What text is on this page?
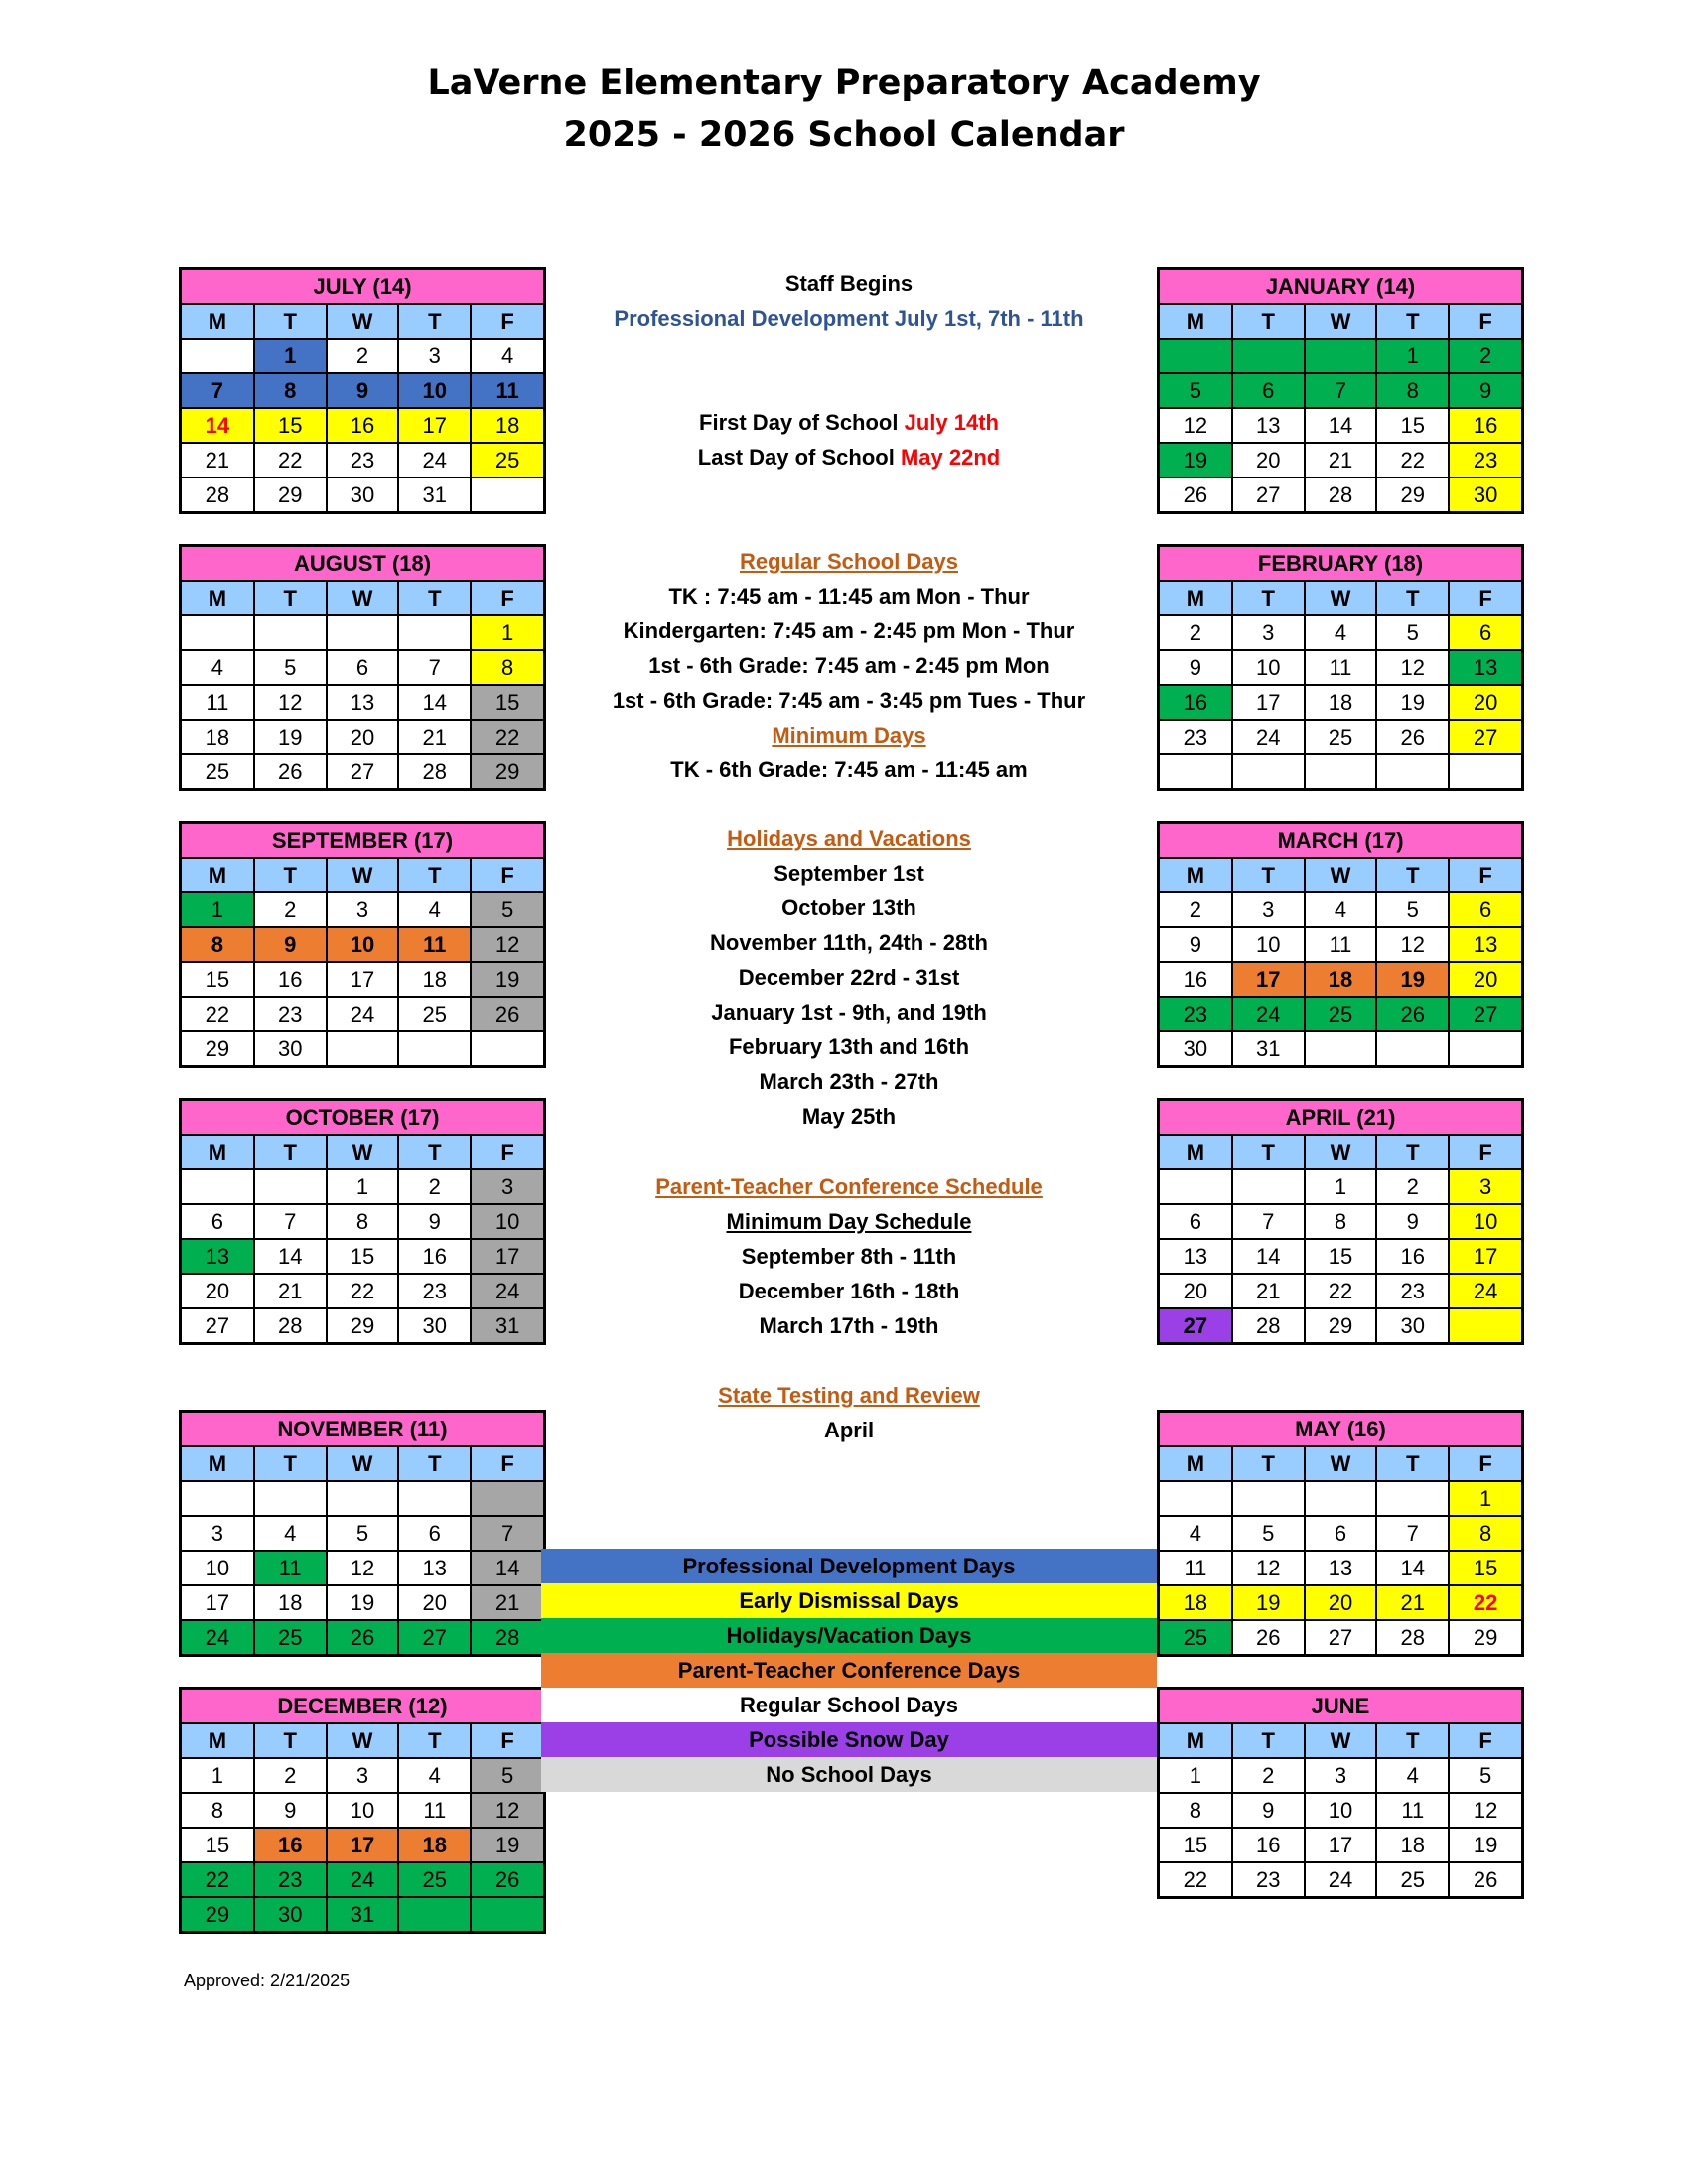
LaVerne Elementary Preparatory Academy
2025 - 2026 School Calendar
JULY (14)
M	T	W	T	F
	1	2	3	4
7	8	9	10	11
14	15	16	17	18
21	22	23	24	25
28	29	30	31	
AUGUST (18)
M	T	W	T	F
				1
4	5	6	7	8
11	12	13	14	15
18	19	20	21	22
25	26	27	28	29
SEPTEMBER (17)
M	T	W	T	F
1	2	3	4	5
8	9	10	11	12
15	16	17	18	19
22	23	24	25	26
29	30			
OCTOBER (17)
M	T	W	T	F
		1	2	3
6	7	8	9	10
13	14	15	16	17
20	21	22	23	24
27	28	29	30	31
NOVEMBER (11)
M	T	W	T	F

3	4	5	6	7
10	11	12	13	14
17	18	19	20	21
24	25	26	27	28
DECEMBER (12)
M	T	W	T	F
1	2	3	4	5
8	9	10	11	12
15	16	17	18	19
22	23	24	25	26
29	30	31		
JANUARY (14)
M	T	W	T	F
			1	2
5	6	7	8	9
12	13	14	15	16
19	20	21	22	23
26	27	28	29	30
FEBRUARY (18)
M	T	W	T	F
2	3	4	5	6
9	10	11	12	13
16	17	18	19	20
23	24	25	26	27

MARCH (17)
M	T	W	T	F
2	3	4	5	6
9	10	11	12	13
16	17	18	19	20
23	24	25	26	27
30	31			
APRIL (21)
M	T	W	T	F
		1	2	3
6	7	8	9	10
13	14	15	16	17
20	21	22	23	24
27	28	29	30	
MAY (16)
M	T	W	T	F
				1
4	5	6	7	8
11	12	13	14	15
18	19	20	21	22
25	26	27	28	29
JUNE
M	T	W	T	F
1	2	3	4	5
8	9	10	11	12
15	16	17	18	19
22	23	24	25	26
Staff Begins
Professional Development July 1st, 7th - 11th
First Day of School July 14th
Last Day of School May 22nd
Regular School Days
TK : 7:45 am - 11:45 am Mon - Thur
Kindergarten: 7:45 am - 2:45 pm Mon - Thur
1st - 6th Grade: 7:45 am - 2:45 pm Mon
1st - 6th Grade: 7:45 am - 3:45 pm Tues - Thur
Minimum Days
TK - 6th Grade: 7:45 am - 11:45 am
Holidays and Vacations
September 1st
October 13th
November 11th, 24th - 28th
December 22rd - 31st
January 1st - 9th, and 19th
February 13th and 16th
March 23th - 27th
May 25th
Parent-Teacher Conference Schedule
Minimum Day Schedule
September 8th - 11th
December 16th - 18th
March 17th - 19th
State Testing and Review
April
Professional Development Days
Early Dismissal Days
Holidays/Vacation Days
Parent-Teacher Conference Days
Regular School Days
Possible Snow Day
No School Days
Approved: 2/21/2025
